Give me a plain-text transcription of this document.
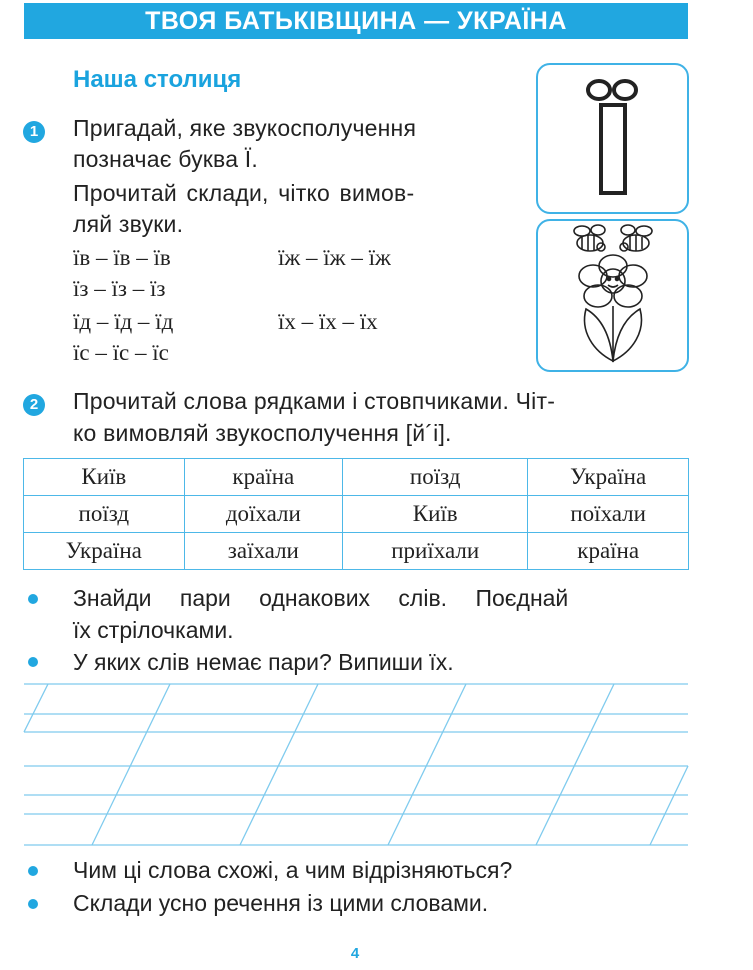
ТВОЯ БАТЬКІВЩИНА — УКРАЇНА
Наша столиця
1 Пригадай, яке звукосполучення
позначає буква Ї.
Прочитай склади, чітко вимов-
ляй звуки.
їв – їв – їв	їж – їж – їж
їз – їз – їз
їд – їд – їд	їх – їх – їх
їс – їс – їс
2 Прочитай слова рядками і стовпчиками. Чіт-
ко вимовляй звукосполучення [й´і].
Київ	країна	поїзд	Україна
поїзд	доїхали	Київ	поїхали
Україна	заїхали	приїхали	країна
Знайди пари однакових слів. Поєднай
їх стрілочками.
У яких слів немає пари? Випиши їх.
Чим ці слова схожі, а чим відрізняються?
Склади усно речення із цими словами.
4
